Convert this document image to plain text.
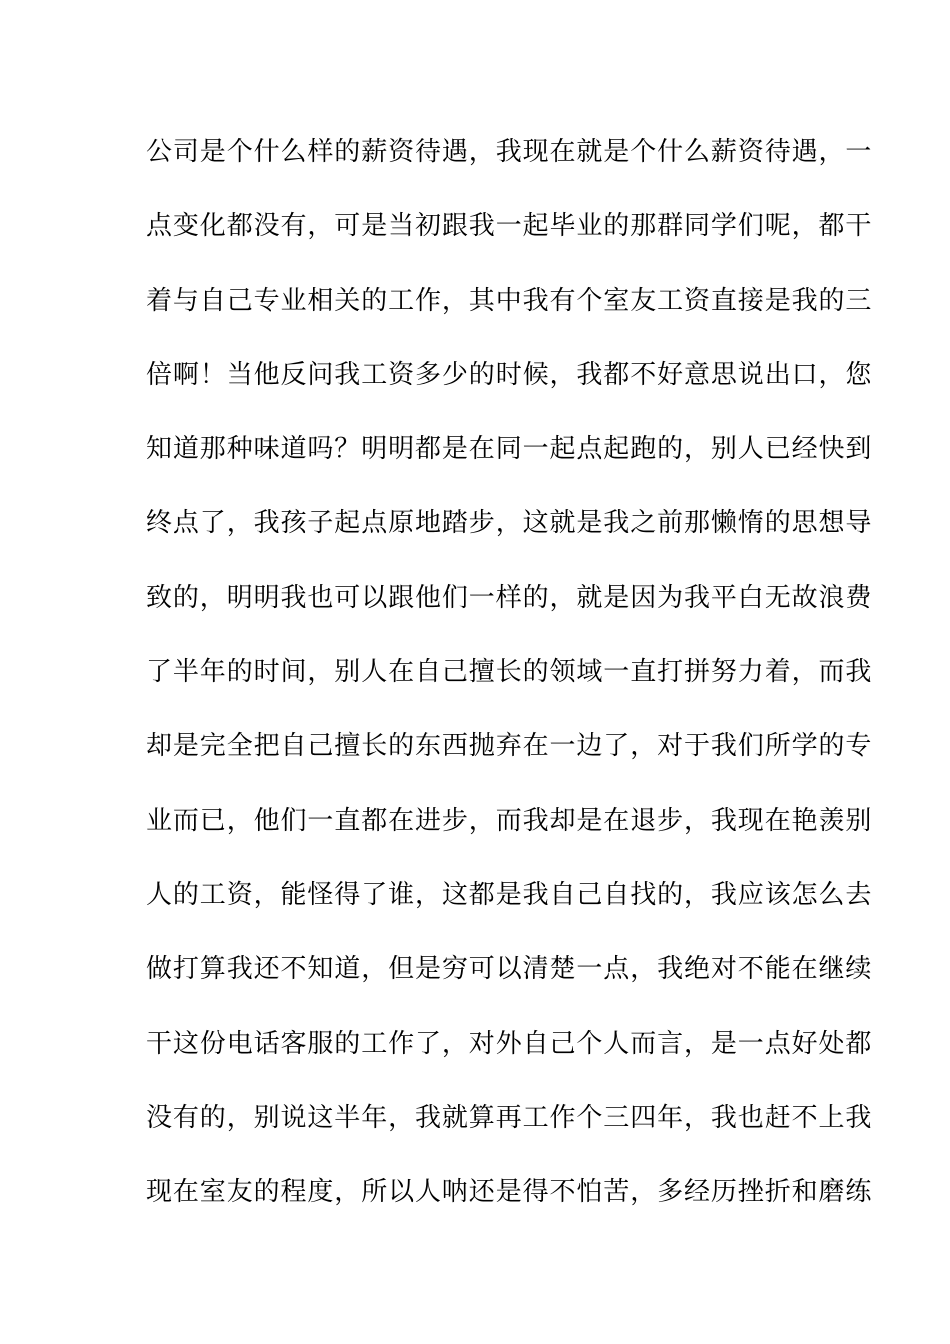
公司是个什么样的薪资待遇，我现在就是个什么薪资待遇，一
点变化都没有，可是当初跟我一起毕业的那群同学们呢，都干
着与自己专业相关的工作，其中我有个室友工资直接是我的三
倍啊！当他反问我工资多少的时候，我都不好意思说出口，您
知道那种味道吗？明明都是在同一起点起跑的，别人已经快到
终点了，我孩子起点原地踏步，这就是我之前那懒惰的思想导
致的，明明我也可以跟他们一样的，就是因为我平白无故浪费
了半年的时间，别人在自己擅长的领域一直打拼努力着，而我
却是完全把自己擅长的东西抛弃在一边了，对于我们所学的专
业而已，他们一直都在进步，而我却是在退步，我现在艳羡别
人的工资，能怪得了谁，这都是我自己自找的，我应该怎么去
做打算我还不知道，但是穷可以清楚一点，我绝对不能在继续
干这份电话客服的工作了，对外自己个人而言，是一点好处都
没有的，别说这半年，我就算再工作个三四年，我也赶不上我
现在室友的程度，所以人呐还是得不怕苦，多经历挫折和磨练
